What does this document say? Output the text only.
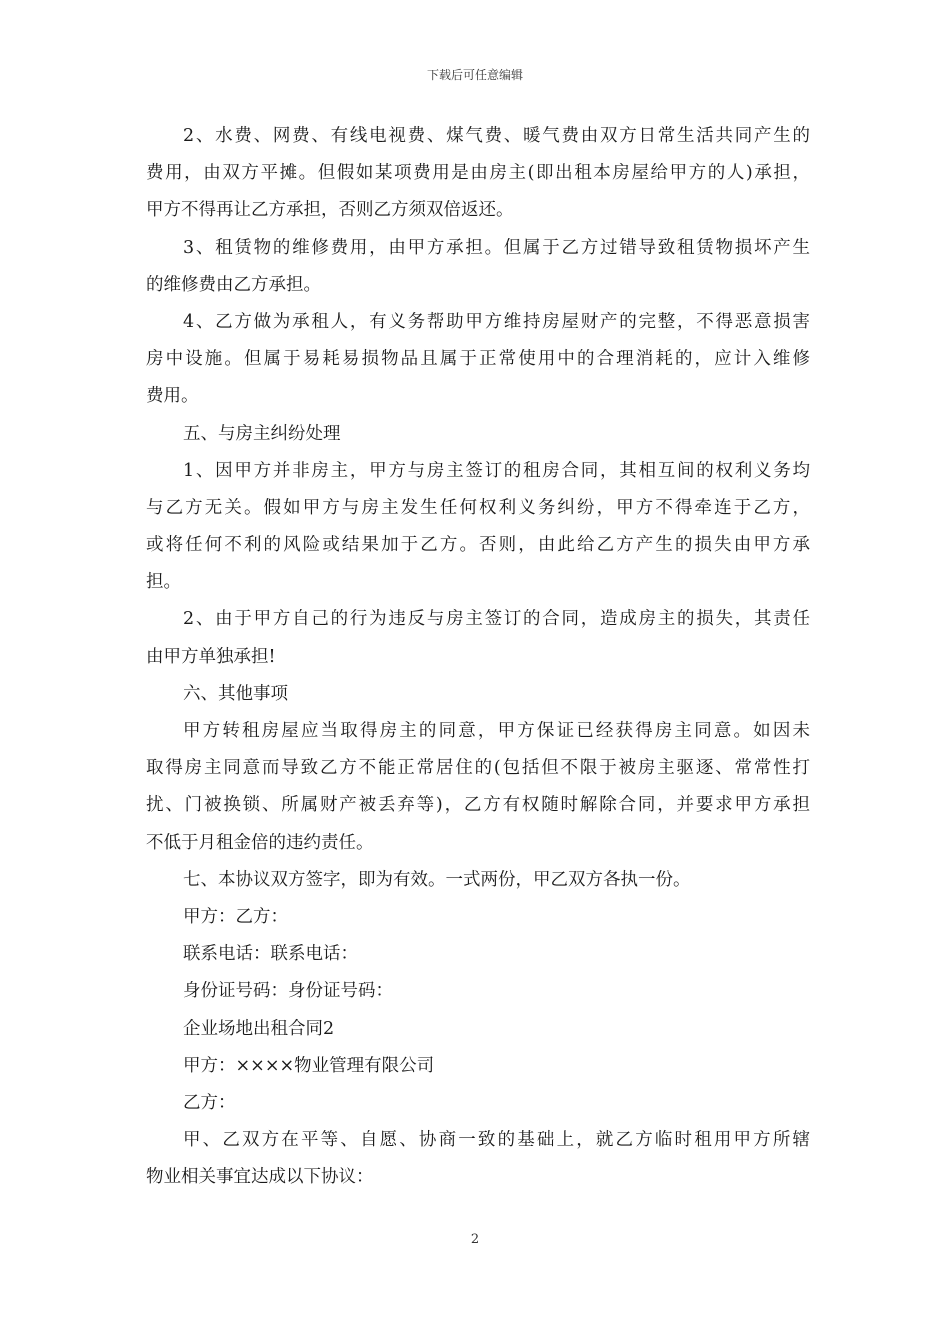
下载后可任意编辑
2、水费、网费、有线电视费、煤气费、暖气费由双方日常生活共同产生的
费用，由双方平摊。但假如某项费用是由房主(即出租本房屋给甲方的人)承担，
甲方不得再让乙方承担，否则乙方须双倍返还。
3、租赁物的维修费用，由甲方承担。但属于乙方过错导致租赁物损坏产生
的维修费由乙方承担。
4、乙方做为承租人，有义务帮助甲方维持房屋财产的完整，不得恶意损害
房中设施。但属于易耗易损物品且属于正常使用中的合理消耗的，应计入维修
费用。
五、与房主纠纷处理
1、因甲方并非房主，甲方与房主签订的租房合同，其相互间的权利义务均
与乙方无关。假如甲方与房主发生任何权利义务纠纷，甲方不得牵连于乙方，
或将任何不利的风险或结果加于乙方。否则，由此给乙方产生的损失由甲方承
担。
2、由于甲方自己的行为违反与房主签订的合同，造成房主的损失，其责任
由甲方单独承担!
六、其他事项
甲方转租房屋应当取得房主的同意，甲方保证已经获得房主同意。如因未
取得房主同意而导致乙方不能正常居住的(包括但不限于被房主驱逐、常常性打
扰、门被换锁、所属财产被丢弃等)，乙方有权随时解除合同，并要求甲方承担
不低于月租金倍的违约责任。
七、本协议双方签字，即为有效。一式两份，甲乙双方各执一份。
甲方：乙方：
联系电话：联系电话：
身份证号码：身份证号码：
企业场地出租合同2
甲方：××××物业管理有限公司
乙方：
甲、乙双方在平等、自愿、协商一致的基础上，就乙方临时租用甲方所辖
物业相关事宜达成以下协议：
2
